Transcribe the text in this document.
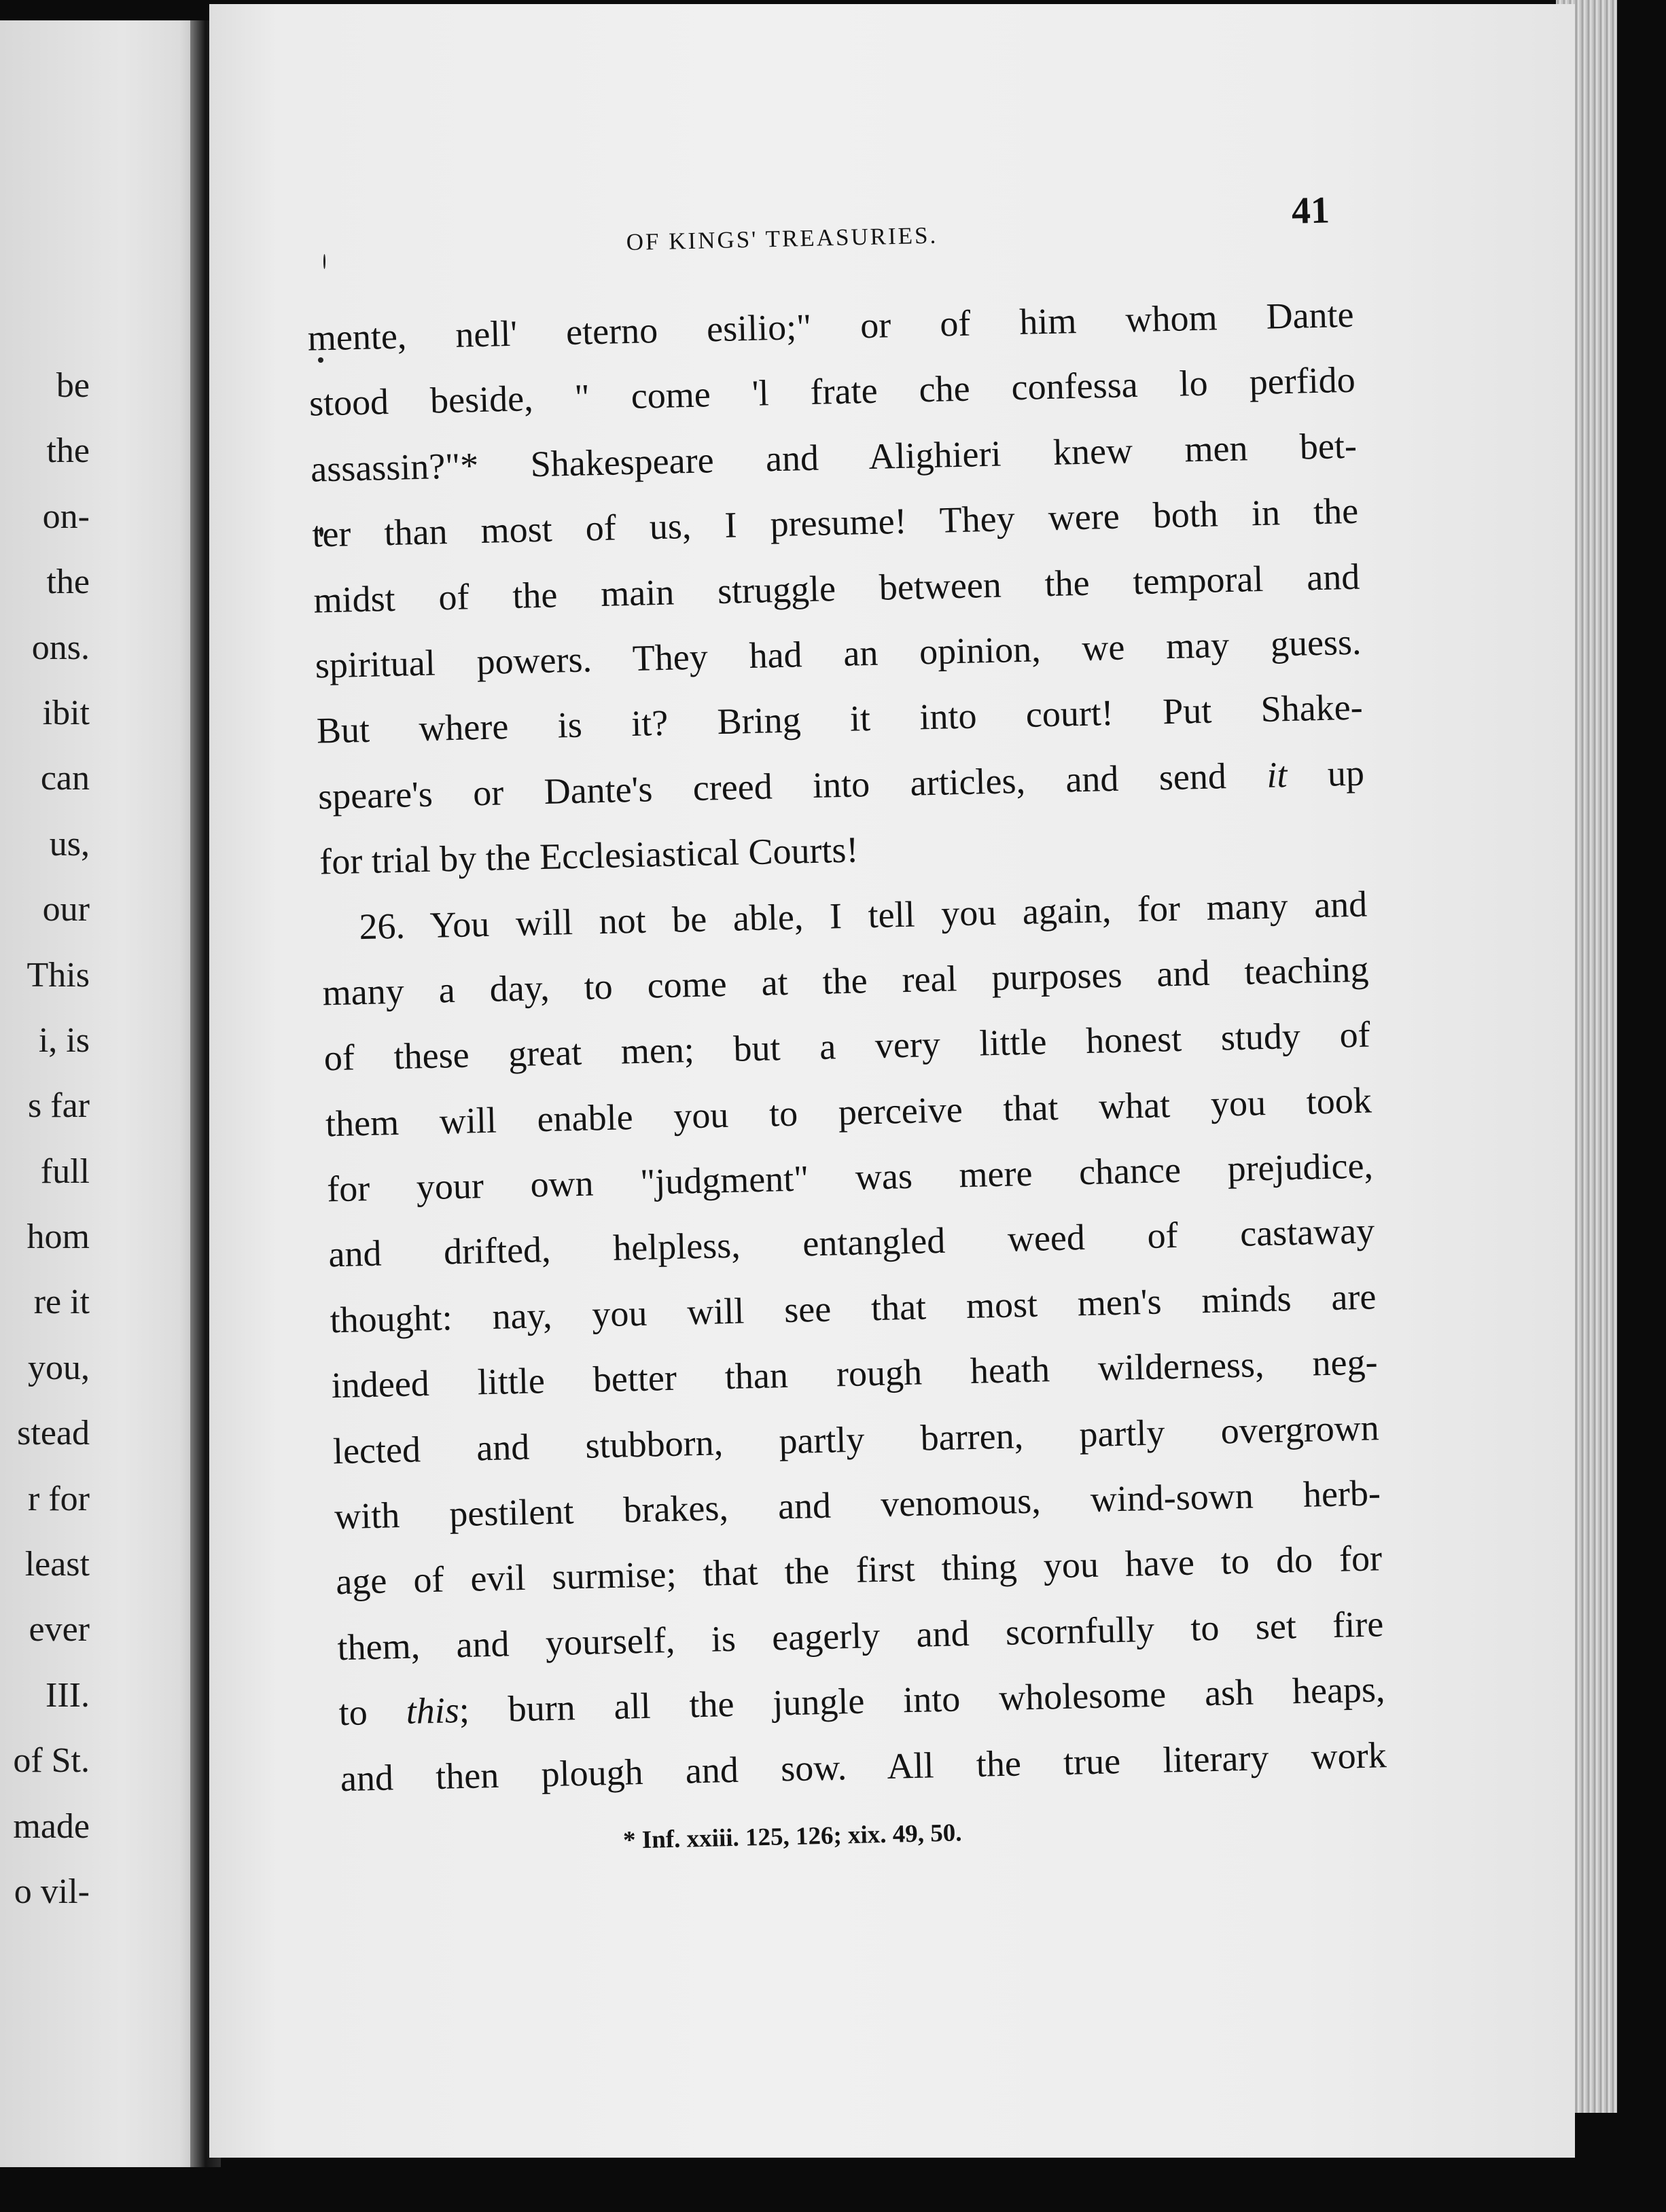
be
the
on-
the
ons.
ibit
can
us,
our
This
i, is
s far
full
hom
re it
you,
stead
r for
least
ever
III.
of St.
made
o vil-
OF KINGS' TREASURIES.
41
mente, nell' eterno esilio;" or of him whom Dante
stood beside, " come 'l frate che confessa lo perfido
assassin?"* Shakespeare and Alighieri knew men bet-
ter than most of us, I presume! They were both in the
midst of the main struggle between the temporal and
spiritual powers. They had an opinion, we may guess.
But where is it? Bring it into court! Put Shake-
speare's or Dante's creed into articles, and send it up
for trial by the Ecclesiastical Courts!
26. You will not be able, I tell you again, for many and
many a day, to come at the real purposes and teaching
of these great men; but a very little honest study of
them will enable you to perceive that what you took
for your own "judgment" was mere chance prejudice,
and drifted, helpless, entangled weed of castaway
thought: nay, you will see that most men's minds are
indeed little better than rough heath wilderness, neg-
lected and stubborn, partly barren, partly overgrown
with pestilent brakes, and venomous, wind-sown herb-
age of evil surmise; that the first thing you have to do for
them, and yourself, is eagerly and scornfully to set fire
to this; burn all the jungle into wholesome ash heaps,
and then plough and sow. All the true literary work
* Inf. xxiii. 125, 126; xix. 49, 50.
